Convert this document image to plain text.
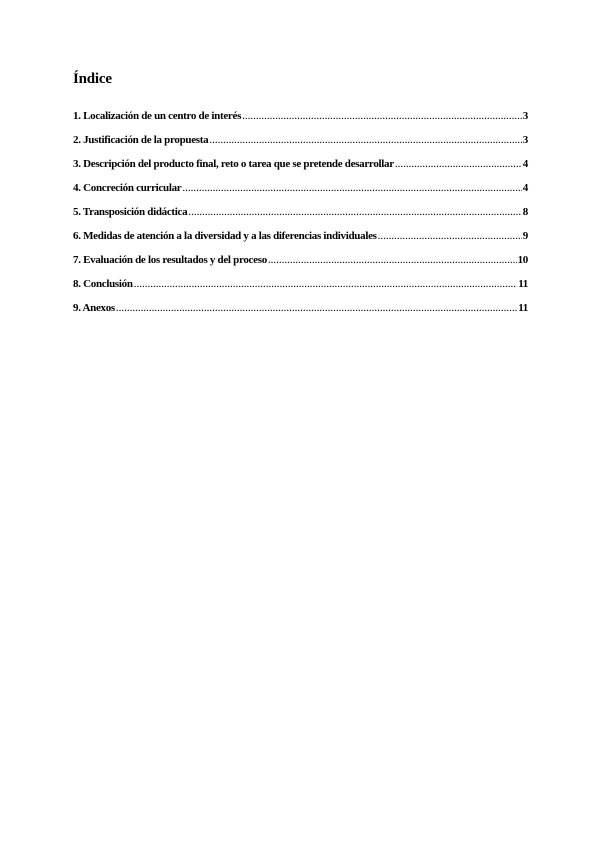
Índice
1. Localización de un centro de interés .....	3
2. Justificación de la propuesta .....	3
3. Descripción del producto final, reto o tarea que se pretende desarrollar .....	4
4. Concreción curricular .....	4
5. Transposición didáctica .....	8
6. Medidas de atención a la diversidad y a las diferencias individuales .....	9
7. Evaluación de los resultados y del proceso .....	10
8. Conclusión .....	11
9. Anexos .....	11
